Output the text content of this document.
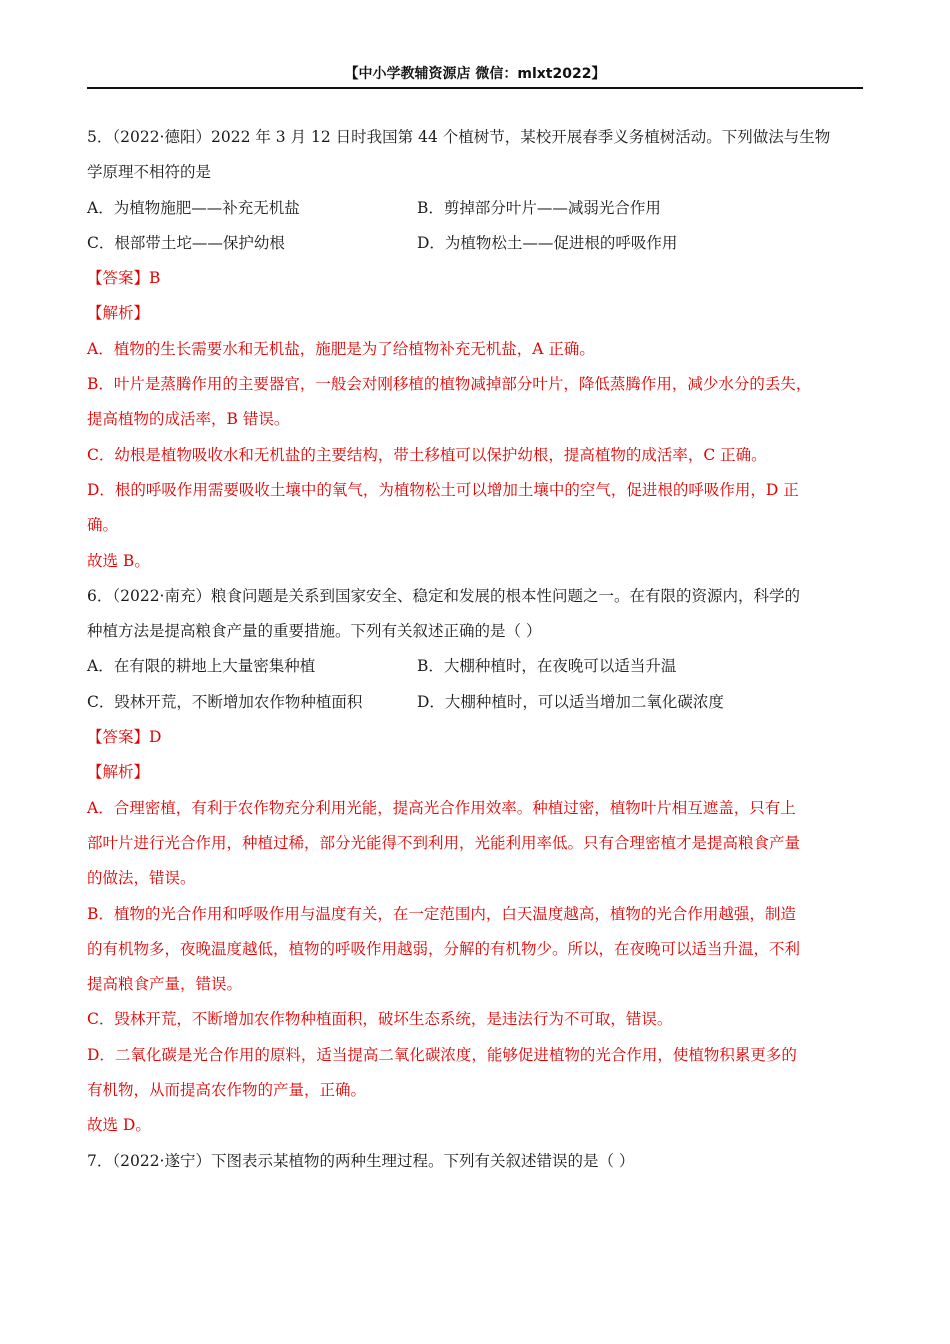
【中小学教辅资源店 微信：mlxt2022】
5．（2022·德阳）2022 年 3 月 12 日时我国第 44 个植树节，某校开展春季义务植树活动。下列做法与生物
学原理不相符的是
A．为植物施肥——补充无机盐	B．剪掉部分叶片——减弱光合作用
C．根部带土坨——保护幼根	D．为植物松土——促进根的呼吸作用
【答案】B
【解析】
A．植物的生长需要水和无机盐，施肥是为了给植物补充无机盐，A 正确。
B．叶片是蒸腾作用的主要器官，一般会对刚移植的植物减掉部分叶片，降低蒸腾作用，减少水分的丢失，
提高植物的成活率，B 错误。
C．幼根是植物吸收水和无机盐的主要结构，带土移植可以保护幼根，提高植物的成活率，C 正确。
D．根的呼吸作用需要吸收土壤中的氧气，为植物松土可以增加土壤中的空气，促进根的呼吸作用，D 正
确。
故选 B。
6．（2022·南充）粮食问题是关系到国家安全、稳定和发展的根本性问题之一。在有限的资源内，科学的
种植方法是提高粮食产量的重要措施。下列有关叙述正确的是（ ）
A．在有限的耕地上大量密集种植	B．大棚种植时，在夜晚可以适当升温
C．毁林开荒，不断增加农作物种植面积	D．大棚种植时，可以适当增加二氧化碳浓度
【答案】D
【解析】
A．合理密植，有利于农作物充分利用光能，提高光合作用效率。种植过密，植物叶片相互遮盖，只有上
部叶片进行光合作用，种植过稀，部分光能得不到利用，光能利用率低。只有合理密植才是提高粮食产量
的做法，错误。
B．植物的光合作用和呼吸作用与温度有关，在一定范围内，白天温度越高，植物的光合作用越强，制造
的有机物多，夜晚温度越低，植物的呼吸作用越弱，分解的有机物少。所以，在夜晚可以适当升温，不利
提高粮食产量，错误。
C．毁林开荒，不断增加农作物种植面积，破坏生态系统，是违法行为不可取，错误。
D．二氧化碳是光合作用的原料，适当提高二氧化碳浓度，能够促进植物的光合作用，使植物积累更多的
有机物，从而提高农作物的产量，正确。
故选 D。
7．（2022·遂宁）下图表示某植物的两种生理过程。下列有关叙述错误的是（ ）
